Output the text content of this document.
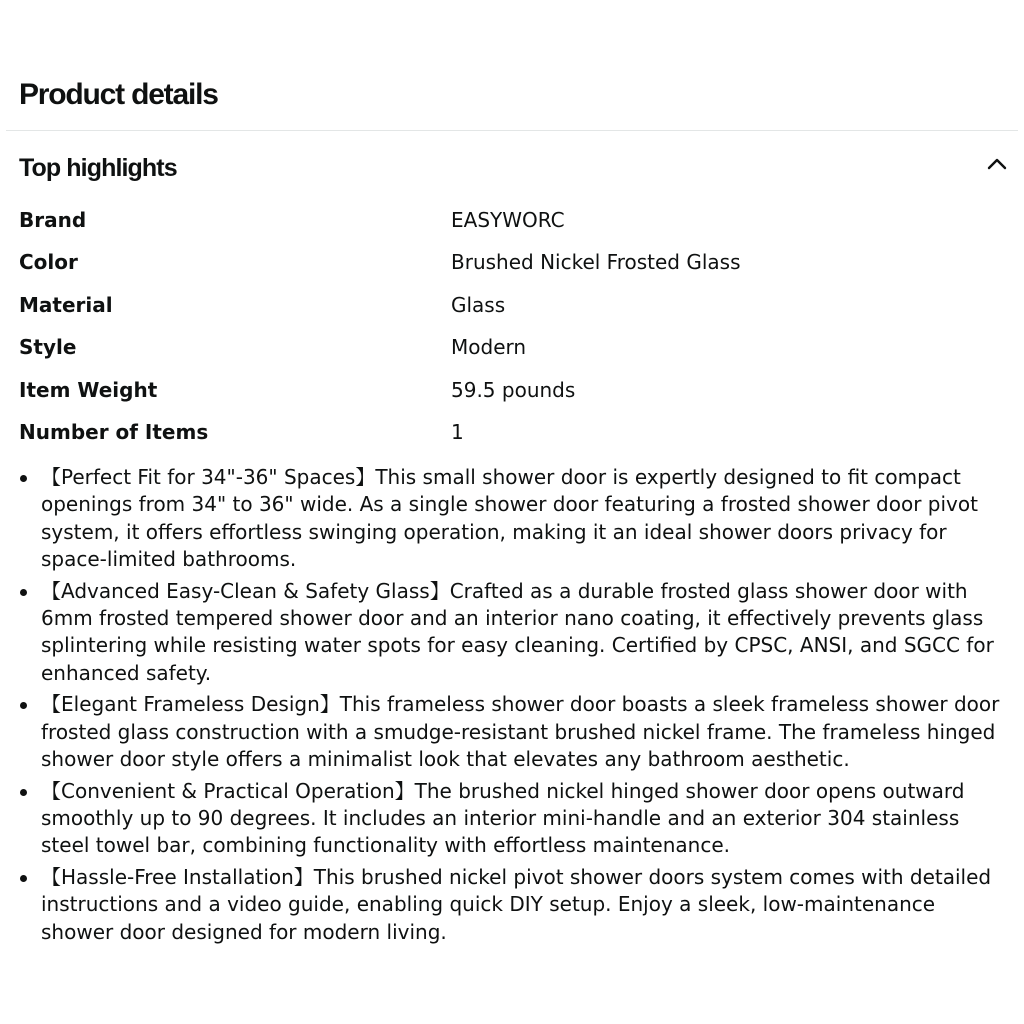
Product details
Top highlights
Brand	EASYWORC
Color	Brushed Nickel Frosted Glass
Material	Glass
Style	Modern
Item Weight	59.5 pounds
Number of Items	1
【Perfect Fit for 34"-36" Spaces】This small shower door is expertly designed to fit compact openings from 34" to 36" wide. As a single shower door featuring a frosted shower door pivot system, it offers effortless swinging operation, making it an ideal shower doors privacy for space-limited bathrooms.
【Advanced Easy-Clean & Safety Glass】Crafted as a durable frosted glass shower door with 6mm frosted tempered shower door and an interior nano coating, it effectively prevents glass splintering while resisting water spots for easy cleaning. Certified by CPSC, ANSI, and SGCC for enhanced safety.
【Elegant Frameless Design】This frameless shower door boasts a sleek frameless shower door frosted glass construction with a smudge-resistant brushed nickel frame. The frameless hinged shower door style offers a minimalist look that elevates any bathroom aesthetic.
【Convenient & Practical Operation】The brushed nickel hinged shower door opens outward smoothly up to 90 degrees. It includes an interior mini-handle and an exterior 304 stainless steel towel bar, combining functionality with effortless maintenance.
【Hassle-Free Installation】This brushed nickel pivot shower doors system comes with detailed instructions and a video guide, enabling quick DIY setup. Enjoy a sleek, low-maintenance shower door designed for modern living.
